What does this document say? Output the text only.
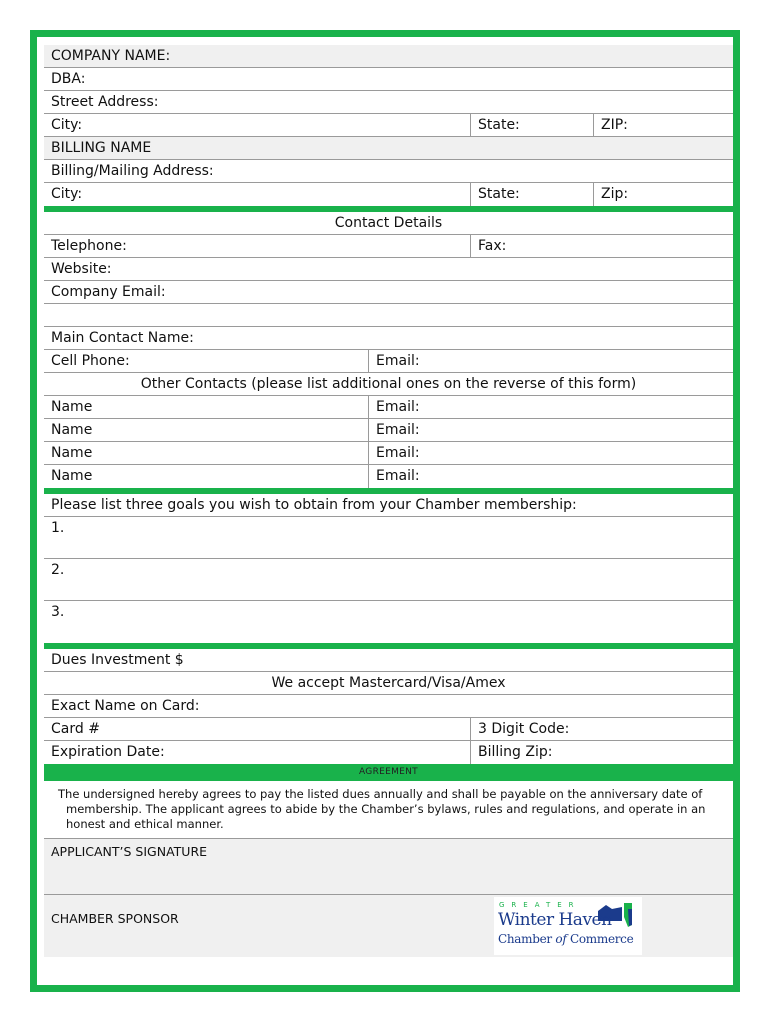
COMPANY NAME:
DBA:
Street Address:
City:	State:	ZIP:
BILLING NAME
Billing/Mailing Address:
City:	State:	Zip:
Contact Details
Telephone:	Fax:
Website:
Company Email:
Main Contact Name:
Cell Phone:	Email:
Other Contacts (please list additional ones on the reverse of this form)
Name	Email:
Name	Email:
Name	Email:
Name	Email:
Please list three goals you wish to obtain from your Chamber membership:
1.
2.
3.
Dues Investment $
We accept Mastercard/Visa/Amex
Exact Name on Card:
Card #	3 Digit Code:
Expiration Date:	Billing Zip:
AGREEMENT
The undersigned hereby agrees to pay the listed dues annually and shall be payable on the anniversary date of membership. The applicant agrees to abide by the Chamber’s bylaws, rules and regulations, and operate in an honest and ethical manner.
APPLICANT’S SIGNATURE
CHAMBER SPONSOR
GREATER
Winter Haven
Chamber of Commerce
